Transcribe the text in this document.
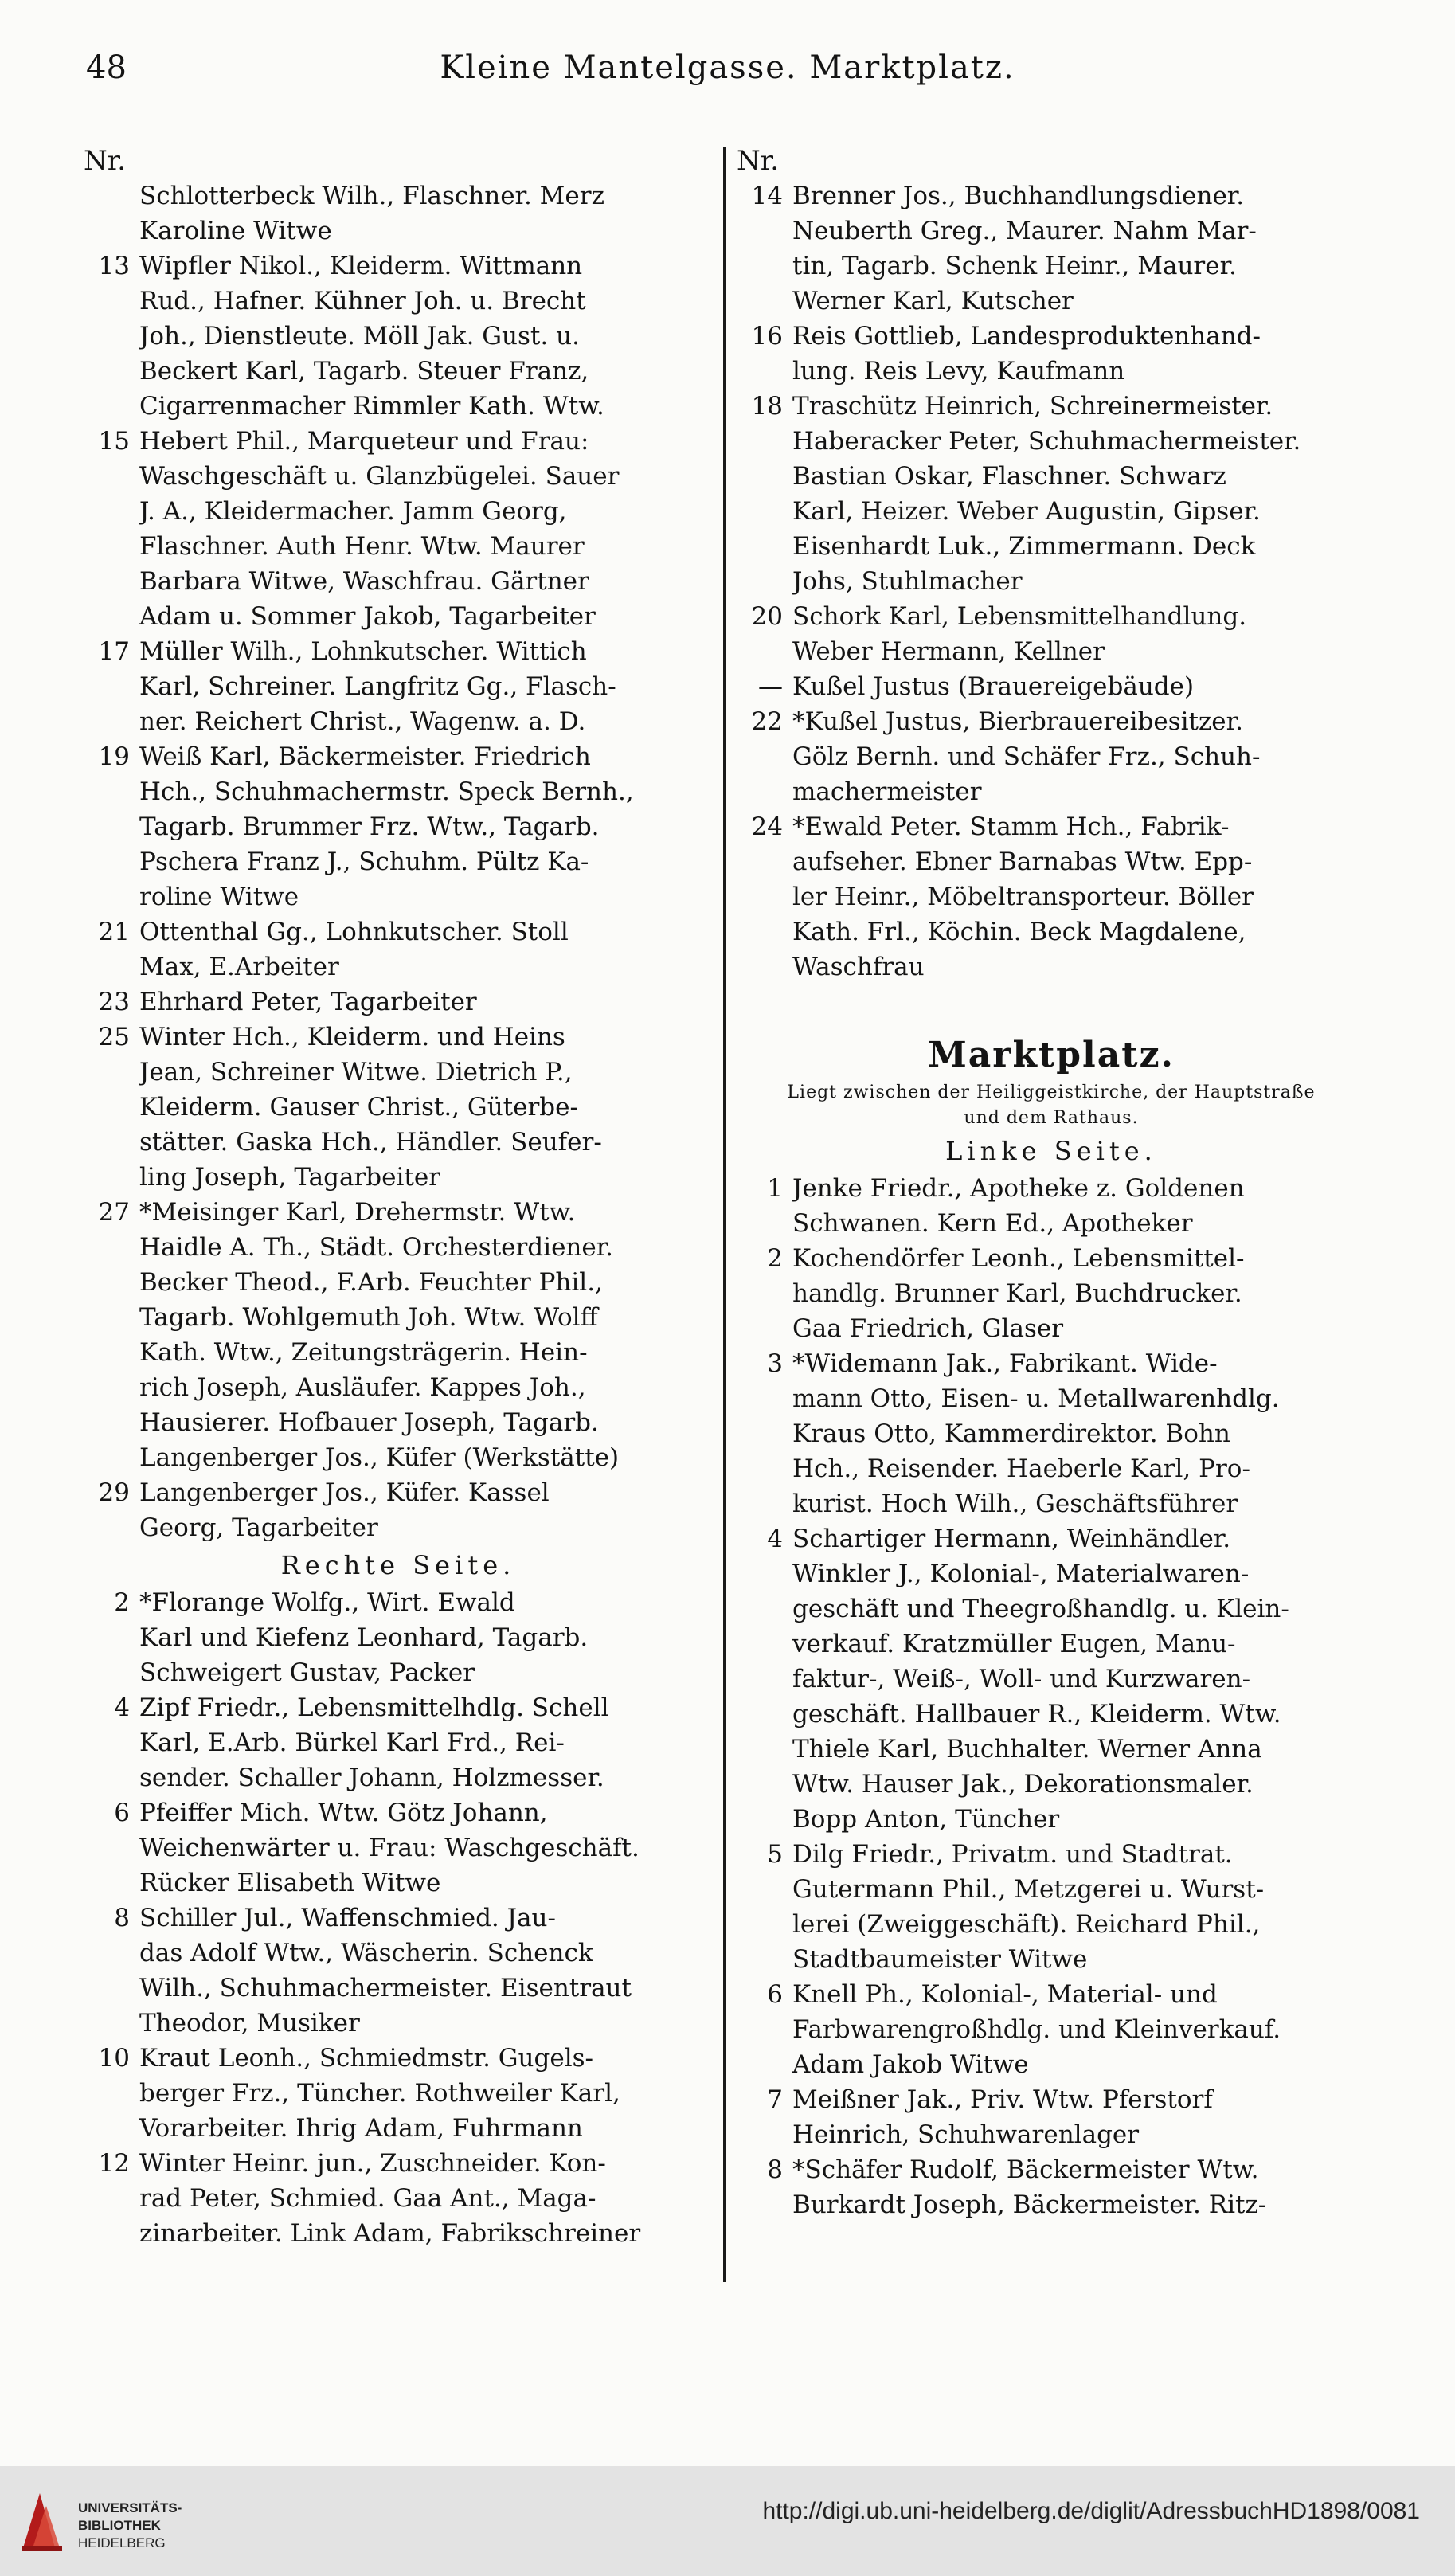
48	Kleine Mantelgasse. Marktplatz.
Nr.
Schlotterbeck Wilh., Flaschner. Merz
Karoline Witwe
13 Wipfler Nikol., Kleiderm. Wittmann
Rud., Hafner. Kühner Joh. u. Brecht
Joh., Dienstleute. Möll Jak. Gust. u.
Beckert Karl, Tagarb. Steuer Franz,
Cigarrenmacher Rimmler Kath. Wtw.
15 Hebert Phil., Marqueteur und Frau:
Waschgeschäft u. Glanzbügelei. Sauer
J. A., Kleidermacher. Jamm Georg,
Flaschner. Auth Henr. Wtw. Maurer
Barbara Witwe, Waschfrau. Gärtner
Adam u. Sommer Jakob, Tagarbeiter
17 Müller Wilh., Lohnkutscher. Wittich
Karl, Schreiner. Langfritz Gg., Flasch-
ner. Reichert Christ., Wagenw. a. D.
19 Weiß Karl, Bäckermeister. Friedrich
Hch., Schuhmachermstr. Speck Bernh.,
Tagarb. Brummer Frz. Wtw., Tagarb.
Pschera Franz J., Schuhm. Pültz Ka-
roline Witwe
21 Ottenthal Gg., Lohnkutscher. Stoll
Max, E.Arbeiter
23 Ehrhard Peter, Tagarbeiter
25 Winter Hch., Kleiderm. und Heins
Jean, Schreiner Witwe. Dietrich P.,
Kleiderm. Gauser Christ., Güterbe-
stätter. Gaska Hch., Händler. Seufer-
ling Joseph, Tagarbeiter
27 *Meisinger Karl, Drehermstr. Wtw.
Haidle A. Th., Städt. Orchesterdiener.
Becker Theod., F.Arb. Feuchter Phil.,
Tagarb. Wohlgemuth Joh. Wtw. Wolff
Kath. Wtw., Zeitungsträgerin. Hein-
rich Joseph, Ausläufer. Kappes Joh.,
Hausierer. Hofbauer Joseph, Tagarb.
Langenberger Jos., Küfer (Werkstätte)
29 Langenberger Jos., Küfer. Kassel
Georg, Tagarbeiter
Rechte Seite.
2 *Florange Wolfg., Wirt. Ewald
Karl und Kiefenz Leonhard, Tagarb.
Schweigert Gustav, Packer
4 Zipf Friedr., Lebensmittelhdlg. Schell
Karl, E.Arb. Bürkel Karl Frd., Rei-
sender. Schaller Johann, Holzmesser.
6 Pfeiffer Mich. Wtw. Götz Johann,
Weichenwärter u. Frau: Waschgeschäft.
Rücker Elisabeth Witwe
8 Schiller Jul., Waffenschmied. Jau-
das Adolf Wtw., Wäscherin. Schenck
Wilh., Schuhmachermeister. Eisentraut
Theodor, Musiker
10 Kraut Leonh., Schmiedmstr. Gugels-
berger Frz., Tüncher. Rothweiler Karl,
Vorarbeiter. Ihrig Adam, Fuhrmann
12 Winter Heinr. jun., Zuschneider. Kon-
rad Peter, Schmied. Gaa Ant., Maga-
zinarbeiter. Link Adam, Fabrikschreiner
Nr.
14 Brenner Jos., Buchhandlungsdiener.
Neuberth Greg., Maurer. Nahm Mar-
tin, Tagarb. Schenk Heinr., Maurer.
Werner Karl, Kutscher
16 Reis Gottlieb, Landesproduktenhand-
lung. Reis Levy, Kaufmann
18 Traschütz Heinrich, Schreinermeister.
Haberacker Peter, Schuhmachermeister.
Bastian Oskar, Flaschner. Schwarz
Karl, Heizer. Weber Augustin, Gipser.
Eisenhardt Luk., Zimmermann. Deck
Johs, Stuhlmacher
20 Schork Karl, Lebensmittelhandlung.
Weber Hermann, Kellner
— Kußel Justus (Brauereigebäude)
22 *Kußel Justus, Bierbrauereibesitzer.
Gölz Bernh. und Schäfer Frz., Schuh-
machermeister
24 *Ewald Peter. Stamm Hch., Fabrik-
aufseher. Ebner Barnabas Wtw. Epp-
ler Heinr., Möbeltransporteur. Böller
Kath. Frl., Köchin. Beck Magdalene,
Waschfrau
Marktplatz.
Liegt zwischen der Heiliggeistkirche, der Hauptstraße
und dem Rathaus.
Linke Seite.
1 Jenke Friedr., Apotheke z. Goldenen
Schwanen. Kern Ed., Apotheker
2 Kochendörfer Leonh., Lebensmittel-
handlg. Brunner Karl, Buchdrucker.
Gaa Friedrich, Glaser
3 *Widemann Jak., Fabrikant. Wide-
mann Otto, Eisen- u. Metallwarenhdlg.
Kraus Otto, Kammerdirektor. Bohn
Hch., Reisender. Haeberle Karl, Pro-
kurist. Hoch Wilh., Geschäftsführer
4 Schartiger Hermann, Weinhändler.
Winkler J., Kolonial-, Materialwaren-
geschäft und Theegroßhandlg. u. Klein-
verkauf. Kratzmüller Eugen, Manu-
faktur-, Weiß-, Woll- und Kurzwaren-
geschäft. Hallbauer R., Kleiderm. Wtw.
Thiele Karl, Buchhalter. Werner Anna
Wtw. Hauser Jak., Dekorationsmaler.
Bopp Anton, Tüncher
5 Dilg Friedr., Privatm. und Stadtrat.
Gutermann Phil., Metzgerei u. Wurst-
lerei (Zweiggeschäft). Reichard Phil.,
Stadtbaumeister Witwe
6 Knell Ph., Kolonial-, Material- und
Farbwarengroßhdlg. und Kleinverkauf.
Adam Jakob Witwe
7 Meißner Jak., Priv. Wtw. Pferstorf
Heinrich, Schuhwarenlager
8 *Schäfer Rudolf, Bäckermeister Wtw.
Burkardt Joseph, Bäckermeister. Ritz-
UNIVERSITÄTS-
BIBLIOTHEK
HEIDELBERG
http://digi.ub.uni-heidelberg.de/diglit/AdressbuchHD1898/0081
